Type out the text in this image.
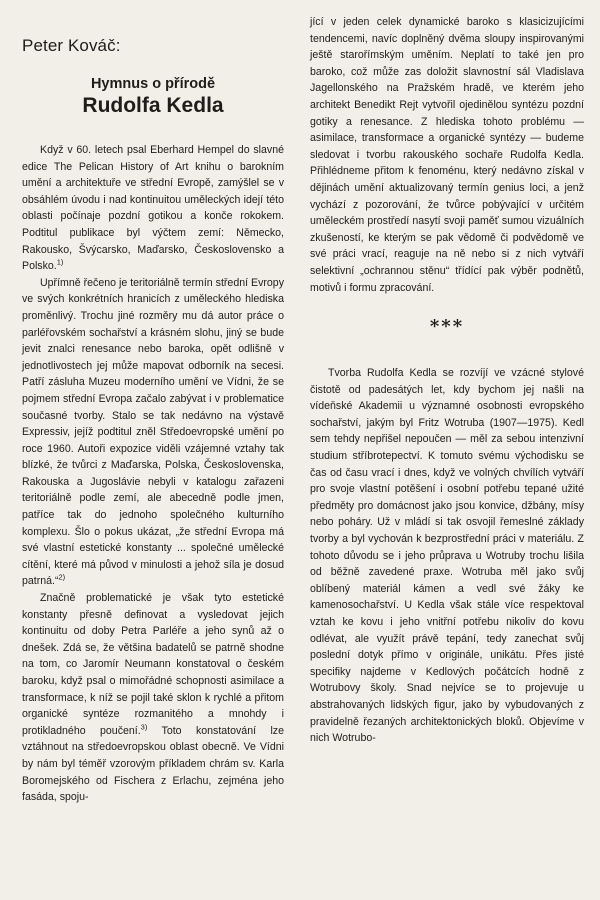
Peter Kováč:
Hymnus o přírodě
Rudolfa Kedla

Když v 60. letech psal Eberhard Hempel do slavné edice The Pelican History of Art knihu o barokním umění a architektuře ve střední Evropě, zamýšlel se v obsáhlém úvodu i nad kontinuitou uměleckých idejí této oblasti počínaje pozdní gotikou a konče rokokem. Podtitul publikace byl výčtem zemí: Německo, Rakousko, Švýcarsko, Maďarsko, Československo a Polsko.$^{1)}$

Upřímně řečeno je teritoriálně termín střední Evropy ve svých konkrétních hranicích z uměleckého hlediska proměnlivý. Trochu jiné rozměry mu dá autor práce o parléřovském sochařství a krásném slohu, jiný se bude jevit znalci renesance nebo baroka, opět odlišně v jednotlivostech jej může mapovat odborník na secesi. Patří zásluha Muzeu moderního umění ve Vídni, že se pojmem střední Evropa začalo zabývat i v problematice současné tvorby. Stalo se tak nedávno na výstavě Expressiv, jejíž podtitul zněl Středoevropské umění po roce 1960. Autoři expozice viděli vzájemné vztahy tak blízké, že tvůrci z Maďarska, Polska, Československa, Rakouska a Jugoslávie nebyli v katalogu zařazeni teritoriálně podle zemí, ale abecedně podle jmen, patříce tak do jednoho společného kulturního komplexu. Šlo o pokus ukázat, „že střední Evropa má své vlastní estetické konstanty ... společné umělecké cítění, které má původ v minulosti a jehož síla je dosud patrná.“$^{2)}$

Značně problematické je však tyto estetické konstanty přesně definovat a vysledovat jejich kontinuitu od doby Petra Parléře a jeho synů až o dnešek. Zdá se, že většina badatelů se patrně shodne na tom, co Jaromír Neumann konstatoval o českém baroku, když psal o mimořádné schopnosti asimilace a transformace, k níž se pojil také sklon k rychlé a přitom organické syntéze rozmanitého a mnohdy i protikladného poučení.$^{3)}$ Toto konstatování lze vztáhnout na středoevropskou oblast obecně. Ve Vídni by nám byl téměř vzorovým příkladem chrám sv. Karla Boromejského od Fischera z Erlachu, zejména jeho fasáda, spoju-

jící v jeden celek dynamické baroko s klasicizujícími tendencemi, navíc doplněný dvěma sloupy inspirovanými ještě starořímským uměním. Neplatí to také jen pro baroko, což může zas doložit slavnostní sál Vladislava Jagellonského na Pražském hradě, ve kterém jeho architekt Benedikt Rejt vytvořil ojedinělou syntézu pozdní gotiky a renesance. Z hlediska tohoto problému — asimilace, transformace a organické syntézy — budeme sledovat i tvorbu rakouského sochaře Rudolfa Kedla. Přihlédneme přitom k fenoménu, který nedávno získal v dějinách umění aktualizovaný termín genius loci, a jenž vychází z pozorování, že tvůrce pobývající v určitém uměleckém prostředí nasytí svoji paměť sumou vizuálních zkušeností, ke kterým se pak vědomě či podvědomě ve své práci vrací, reaguje na ně nebo si z nich vytváří selektivní „ochrannou stěnu“ třídící pak výběr podnětů, motivů i formu zpracování.

***

Tvorba Rudolfa Kedla se rozvíjí ve vzácné stylové čistotě od padesátých let, kdy bychom jej našli na vídeňské Akademii u významné osobnosti evropského sochařství, jakým byl Fritz Wotruba (1907—1975). Kedl sem tehdy nepřišel nepoučen — měl za sebou intenzivní studium stříbrotepectví. K tomuto svému východisku se čas od času vrací i dnes, když ve volných chvílích vytváří pro svoje vlastní potěšení i osobní potřebu tepané užité předměty pro domácnost jako jsou konvice, džbány, mísy nebo poháry. Už v mládí si tak osvojil řemeslné základy tvorby a byl vychován k bezprostřední práci v materiálu. Z tohoto důvodu se i jeho průprava u Wotruby trochu lišila od běžně zavedené praxe. Wotruba měl jako svůj oblíbený materiál kámen a vedl své žáky ke kamenosochařství. U Kedla však stále více respektoval vztah ke kovu i jeho vnitřní potřebu nikoliv do kovu odlévat, ale využít právě tepání, tedy zanechat svůj poslední dotyk přímo v originále, unikátu. Přes jisté specifiky najdeme v Kedlových počátcích hodně z Wotrubovy školy. Snad nejvíce se to projevuje u abstrahovaných lidských figur, jako by vybudovaných z pravidelně řezaných architektonických bloků. Objevíme v nich Wotrubo-
